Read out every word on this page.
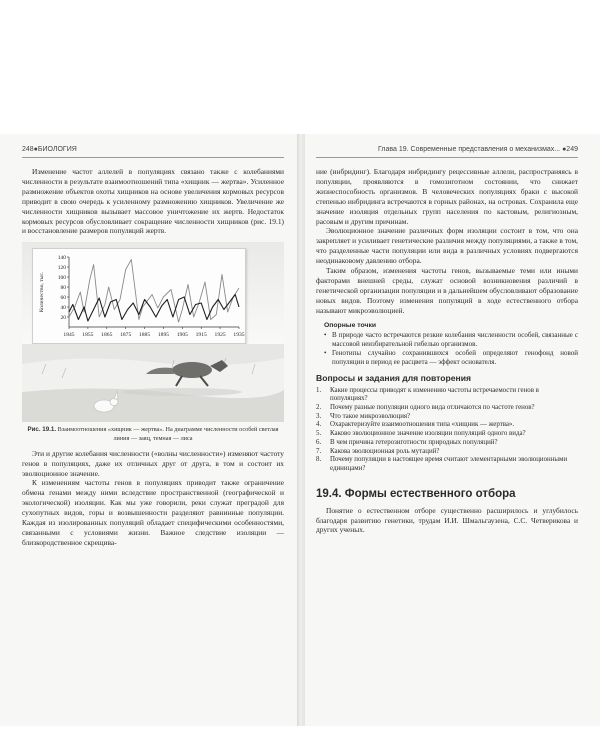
248●БИОЛОГИЯ

Изменение частот аллелей в популяциях связано также с колебаниями численности в результате взаимоотношений типа «хищник — жертва». Усиленное размножение объектов охоты хищников на основе увеличения кормовых ресурсов приводит в свою очередь к усиленному размножению хищников. Увеличение же численности хищников вызывает массовое уничтожение их жертв. Недостаток кормовых ресурсов обусловливает сокращение численности хищников (рис. 19.1) и восстановление размеров популяций жертв.

20
40
60
80
100
120
140
1845 1855 1865 1875 1885 1895 1905 1915 1925 1935
Количество, тыс.
Рис. 19.1. Взаимоотношения «хищник — жертва». На диаграмме численности особей светлая линия — заяц, темная — лиса

Эти и другие колебания численности («волны численности») изменяют частоту генов в популяциях, даже их отличных друг от друга, в том и состоит их эволюционное значение.

К изменениям частоты генов в популяциях приводит также ограничение обмена генами между ними вследствие пространственной (географической и экологической) изоляции. Как мы уже говорили, реки служат преградой для сухопутных видов, горы и возвышенности разделяют равнинные популяции. Каждая из изолированных популяций обладает специфическими особенностями, связанными с условиями жизни. Важное следствие изоляции — близкородственное скрещива-

Глава 19. Современные представления о механизмах... ●249

ние (инбридинг). Благодаря инбридингу рецессивные аллели, распространяясь в популяции, проявляются в гомозиготном состоянии, что снижает жизнеспособность организмов. В человеческих популяциях браки с высокой степенью инбридинга встречаются в горных районах, на островах. Сохранила еще значение изоляция отдельных групп населения по кастовым, религиозным, расовым и другим причинам.

Эволюционное значение различных форм изоляции состоит в том, что она закрепляет и усиливает генетические различия между популяциями, а также в том, что разделенные части популяции или вида в различных условиях подвергаются неодинаковому давлению отбора.

Таким образом, изменения частоты генов, вызываемые теми или иными факторами внешней среды, служат основой возникновения различий в генетической организации популяции и в дальнейшем обусловливают образование новых видов. Поэтому изменения популяций в ходе естественного отбора называют микроэволюцией.

Опорные точки
• В природе часто встречаются резкие колебания численности особей, связанные с массовой неизбирательной гибелью организмов.
• Генотипы случайно сохранившихся особей определяют генофонд новой популяции в период ее расцвета — эффект основателя.
Вопросы и задания для повторения
1. Какие процессы приводят к изменению частоты встречаемости генов в популяциях?
2. Почему разные популяции одного вида отличаются по частоте генов?
3. Что такое микроэволюция?
4. Охарактеризуйте взаимоотношения типа «хищник — жертва».
5. Каково эволюционное значение изоляции популяций одного вида?
6. В чем причина гетерозиготности природных популяций?
7. Какова эволюционная роль мутаций?
8. Почему популяции в настоящее время считают элементарными эволюционными единицами?
19.4. Формы естественного отбора

Понятие о естественном отборе существенно расширилось и углубилось благодаря развитию генетики, трудам И.И. Шмальгаузена, С.С. Четверикова и других ученых.
